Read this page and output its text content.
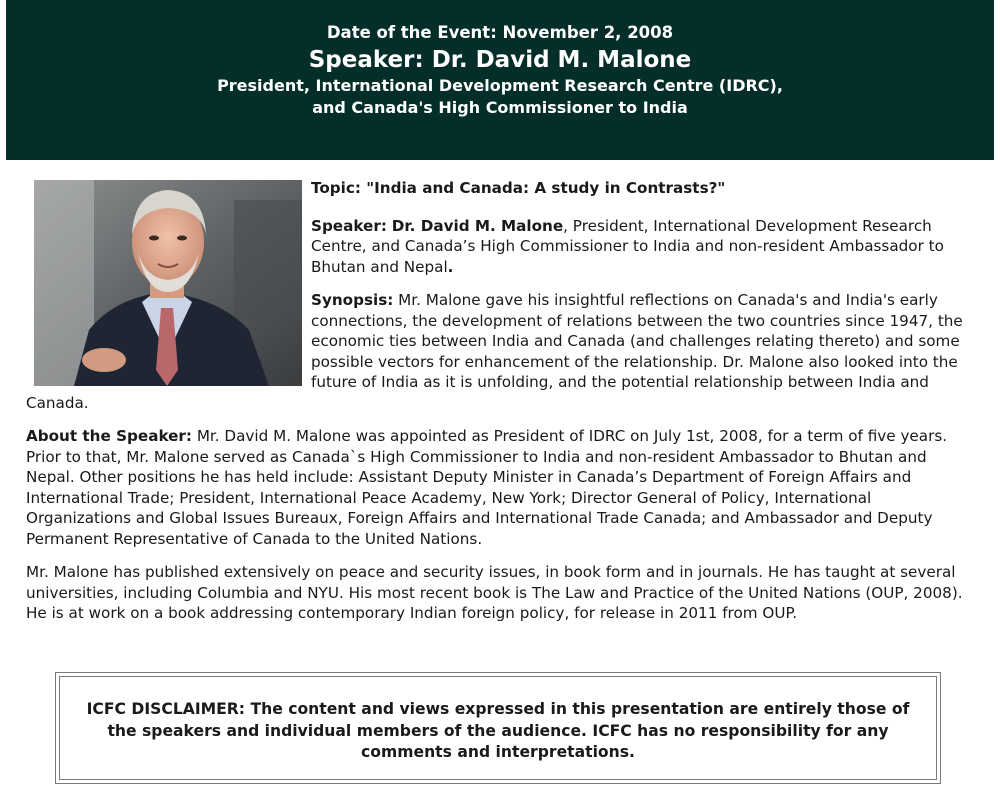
Date of the Event: November 2, 2008
Speaker: Dr. David M. Malone
President, International Development Research Centre (IDRC),
and Canada's High Commissioner to India

Topic: "India and Canada: A study in Contrasts?"

Speaker: Dr. David M. Malone, President, International Development Research Centre, and Canada’s High Commissioner to India and non-resident Ambassador to Bhutan and Nepal.

Synopsis: Mr. Malone gave his insightful reflections on Canada's and India's early connections, the development of relations between the two countries since 1947, the economic ties between India and Canada (and challenges relating thereto) and some possible vectors for enhancement of the relationship. Dr. Malone also looked into the future of India as it is unfolding, and the potential relationship between India and Canada.

About the Speaker: Mr. David M. Malone was appointed as President of IDRC on July 1st, 2008, for a term of five years. Prior to that, Mr. Malone served as Canada`s High Commissioner to India and non-resident Ambassador to Bhutan and Nepal. Other positions he has held include: Assistant Deputy Minister in Canada’s Department of Foreign Affairs and International Trade; President, International Peace Academy, New York; Director General of Policy, International Organizations and Global Issues Bureaux, Foreign Affairs and International Trade Canada; and Ambassador and Deputy Permanent Representative of Canada to the United Nations.

Mr. Malone has published extensively on peace and security issues, in book form and in journals. He has taught at several universities, including Columbia and NYU. His most recent book is The Law and Practice of the United Nations (OUP, 2008). He is at work on a book addressing contemporary Indian foreign policy, for release in 2011 from OUP.

ICFC DISCLAIMER: The content and views expressed in this presentation are entirely those of the speakers and individual members of the audience. ICFC has no responsibility for any comments and interpretations.
